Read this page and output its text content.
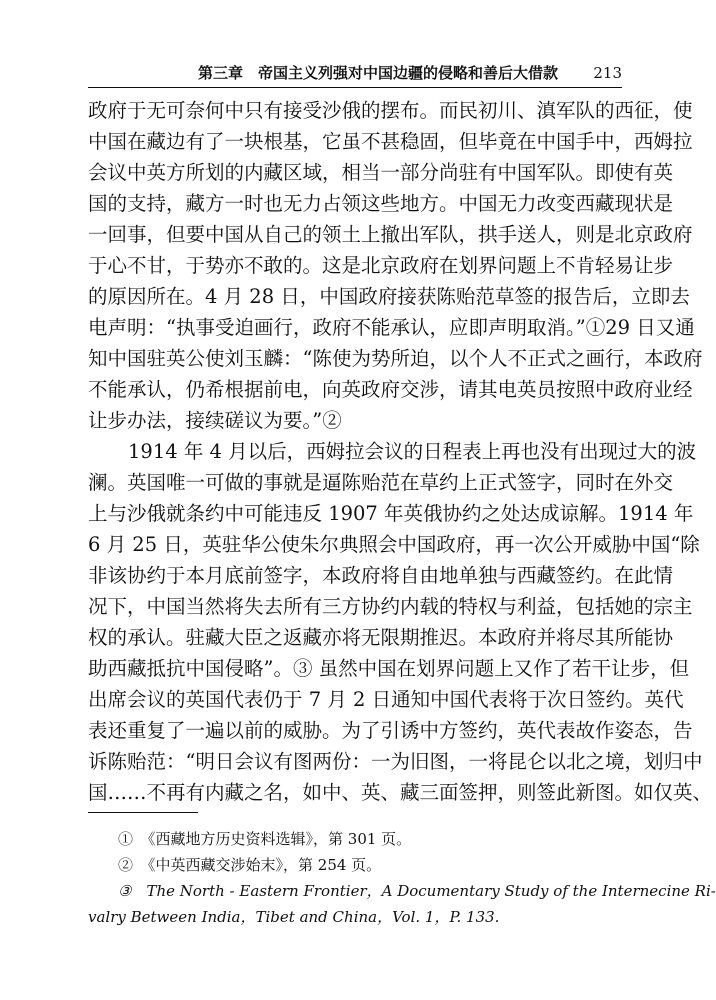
第三章　帝国主义列强对中国边疆的侵略和善后大借款 213
政府于无可奈何中只有接受沙俄的摆布。而民初川、滇军队的西征，使
中国在藏边有了一块根基，它虽不甚稳固，但毕竟在中国手中，西姆拉
会议中英方所划的内藏区域，相当一部分尚驻有中国军队。即使有英
国的支持，藏方一时也无力占领这些地方。中国无力改变西藏现状是
一回事，但要中国从自己的领土上撤出军队，拱手送人，则是北京政府
于心不甘，于势亦不敢的。这是北京政府在划界问题上不肯轻易让步
的原因所在。4 月 28 日，中国政府接获陈贻范草签的报告后，立即去
电声明：“执事受迫画行，政府不能承认，应即声明取消。”①29 日又通
知中国驻英公使刘玉麟：“陈使为势所迫，以个人不正式之画行，本政府
不能承认，仍希根据前电，向英政府交涉，请其电英员按照中政府业经
让步办法，接续磋议为要。”②
1914 年 4 月以后，西姆拉会议的日程表上再也没有出现过大的波
澜。英国唯一可做的事就是逼陈贻范在草约上正式签字，同时在外交
上与沙俄就条约中可能违反 1907 年英俄协约之处达成谅解。1914 年
6 月 25 日，英驻华公使朱尔典照会中国政府，再一次公开威胁中国“除
非该协约于本月底前签字，本政府将自由地单独与西藏签约。在此情
况下，中国当然将失去所有三方协约内载的特权与利益，包括她的宗主
权的承认。驻藏大臣之返藏亦将无限期推迟。本政府并将尽其所能协
助西藏抵抗中国侵略”。③ 虽然中国在划界问题上又作了若干让步，但
出席会议的英国代表仍于 7 月 2 日通知中国代表将于次日签约。英代
表还重复了一遍以前的威胁。为了引诱中方签约，英代表故作姿态，告
诉陈贻范：“明日会议有图两份：一为旧图，一将昆仑以北之境，划归中
国……不再有内藏之名，如中、英、藏三面签押，则签此新图。如仅英、
①　《西藏地方历史资料选辑》，第 301 页。
②　《中英西藏交涉始末》，第 254 页。
③　The North - Eastern Frontier，A Documentary Study of the Internecine Ri-
valry Between India，Tibet and China，Vol. 1，P. 133.
